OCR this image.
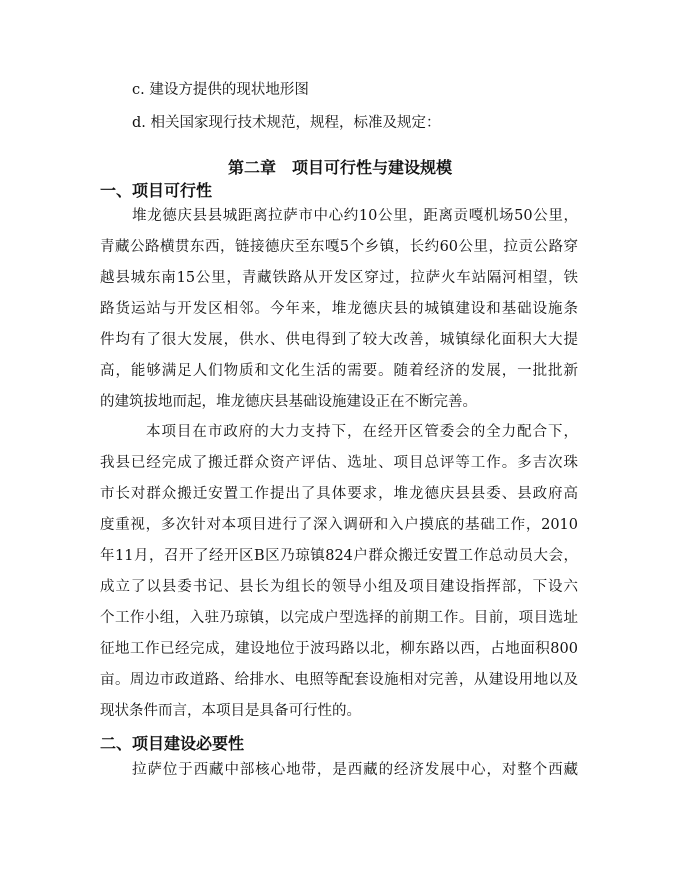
c. 建设方提供的现状地形图
d. 相关国家现行技术规范，规程，标准及规定：
第二章　项目可行性与建设规模
一、项目可行性
堆龙德庆县县城距离拉萨市中心约10公里，距离贡嘎机场50公里，
青藏公路横贯东西，链接德庆至东嘎5个乡镇，长约60公里，拉贡公路穿
越县城东南15公里，青藏铁路从开发区穿过，拉萨火车站隔河相望，铁
路货运站与开发区相邻。今年来，堆龙德庆县的城镇建设和基础设施条
件均有了很大发展，供水、供电得到了较大改善，城镇绿化面积大大提
高，能够满足人们物质和文化生活的需要。随着经济的发展，一批批新
的建筑拔地而起，堆龙德庆县基础设施建设正在不断完善。
本项目在市政府的大力支持下，在经开区管委会的全力配合下，
我县已经完成了搬迁群众资产评估、选址、项目总评等工作。多吉次珠
市长对群众搬迁安置工作提出了具体要求，堆龙德庆县县委、县政府高
度重视，多次针对本项目进行了深入调研和入户摸底的基础工作，2010
年11月，召开了经开区B区乃琼镇824户群众搬迁安置工作总动员大会，
成立了以县委书记、县长为组长的领导小组及项目建设指挥部，下设六
个工作小组，入驻乃琼镇，以完成户型选择的前期工作。目前，项目选址
征地工作已经完成，建设地位于波玛路以北，柳东路以西，占地面积800
亩。周边市政道路、给排水、电照等配套设施相对完善，从建设用地以及
现状条件而言，本项目是具备可行性的。
二、项目建设必要性
拉萨位于西藏中部核心地带，是西藏的经济发展中心，对整个西藏
